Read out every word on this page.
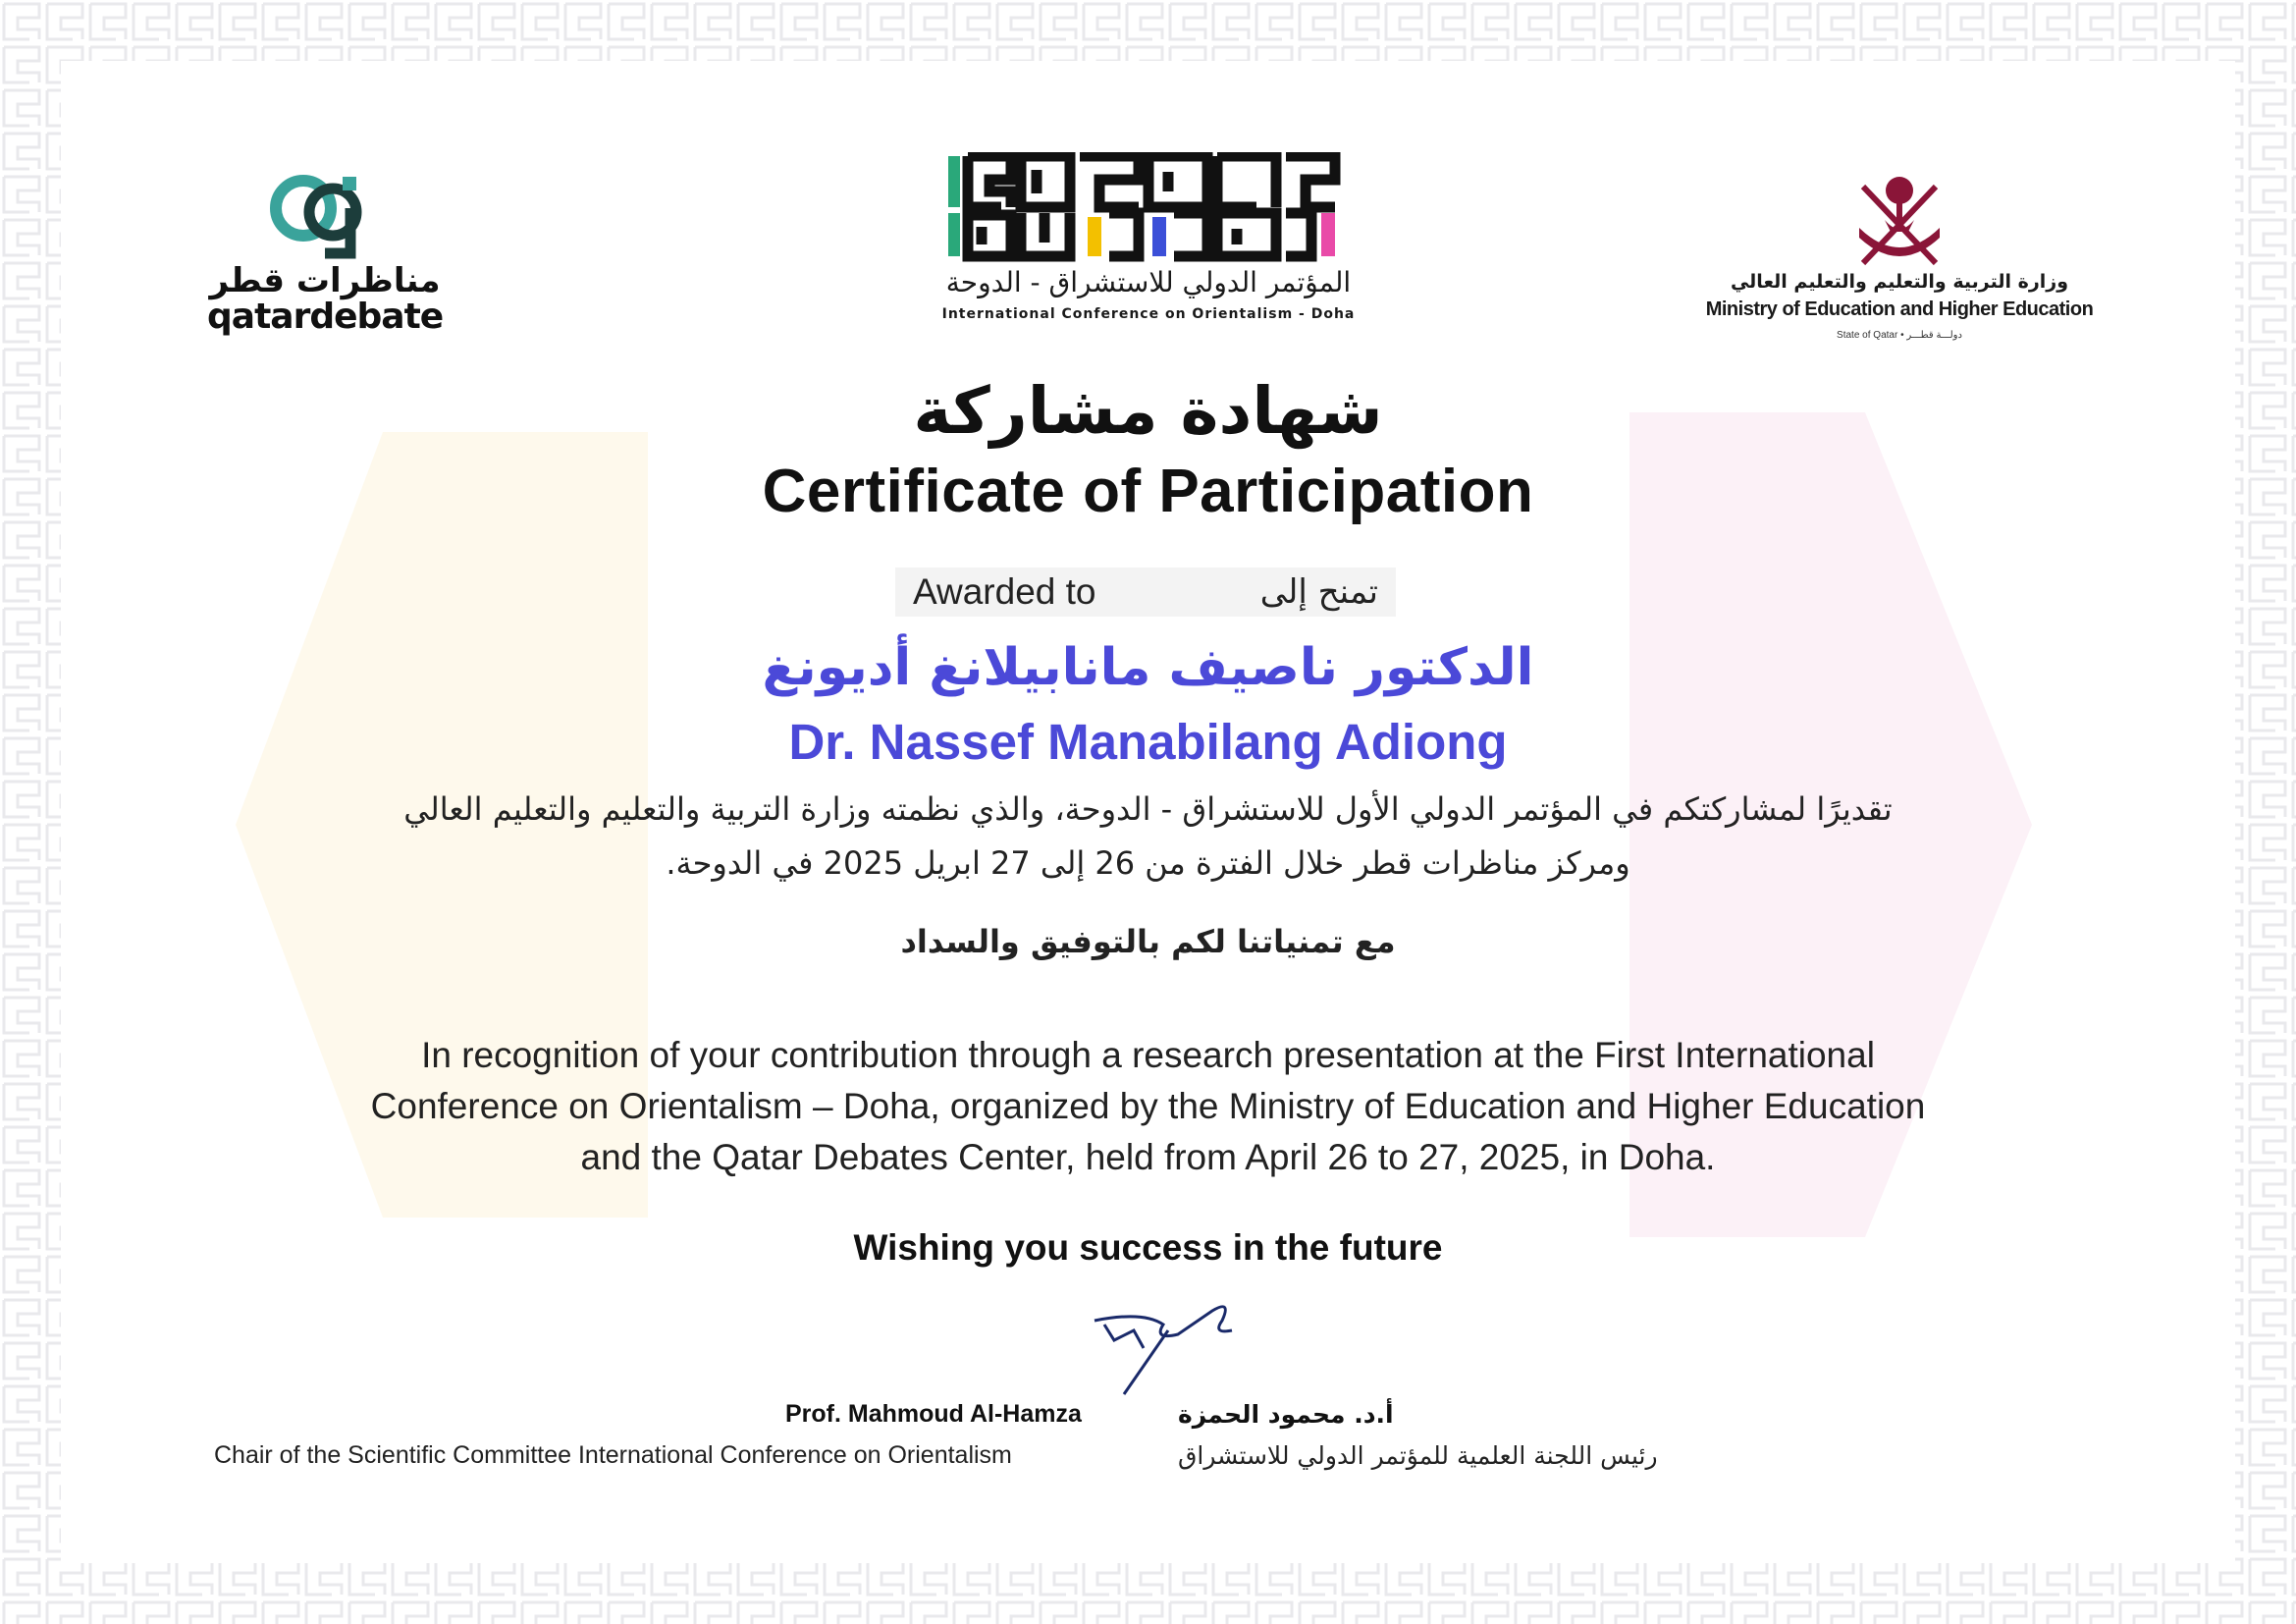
مناظرات قطر
qatardebate
المؤتمر الدولي للاستشراق - الدوحة
International Conference on Orientalism - Doha
وزارة التربية والتعليم والتعليم العالي
Ministry of Education and Higher Education
State of Qatar • دولـــة قطـــر
شهادة مشاركة
Certificate of Participation
Awarded to	تمنح إلى
الدكتور ناصيف مانابيلانغ أديونغ
Dr. Nassef Manabilang Adiong
تقديرًا لمشاركتكم في المؤتمر الدولي الأول للاستشراق - الدوحة، والذي نظمته وزارة التربية والتعليم والتعليم العالي
ومركز مناظرات قطر خلال الفترة من 26 إلى 27 ابريل 2025 في الدوحة.
مع تمنياتنا لكم بالتوفيق والسداد
In recognition of your contribution through a research presentation at the First International
Conference on Orientalism – Doha, organized by the Ministry of Education and Higher Education
and the Qatar Debates Center, held from April 26 to 27, 2025, in Doha.
Wishing you success in the future
Prof. Mahmoud Al-Hamza	أ.د. محمود الحمزة
Chair of the Scientific Committee International Conference on Orientalism	رئيس اللجنة العلمية للمؤتمر الدولي للاستشراق
